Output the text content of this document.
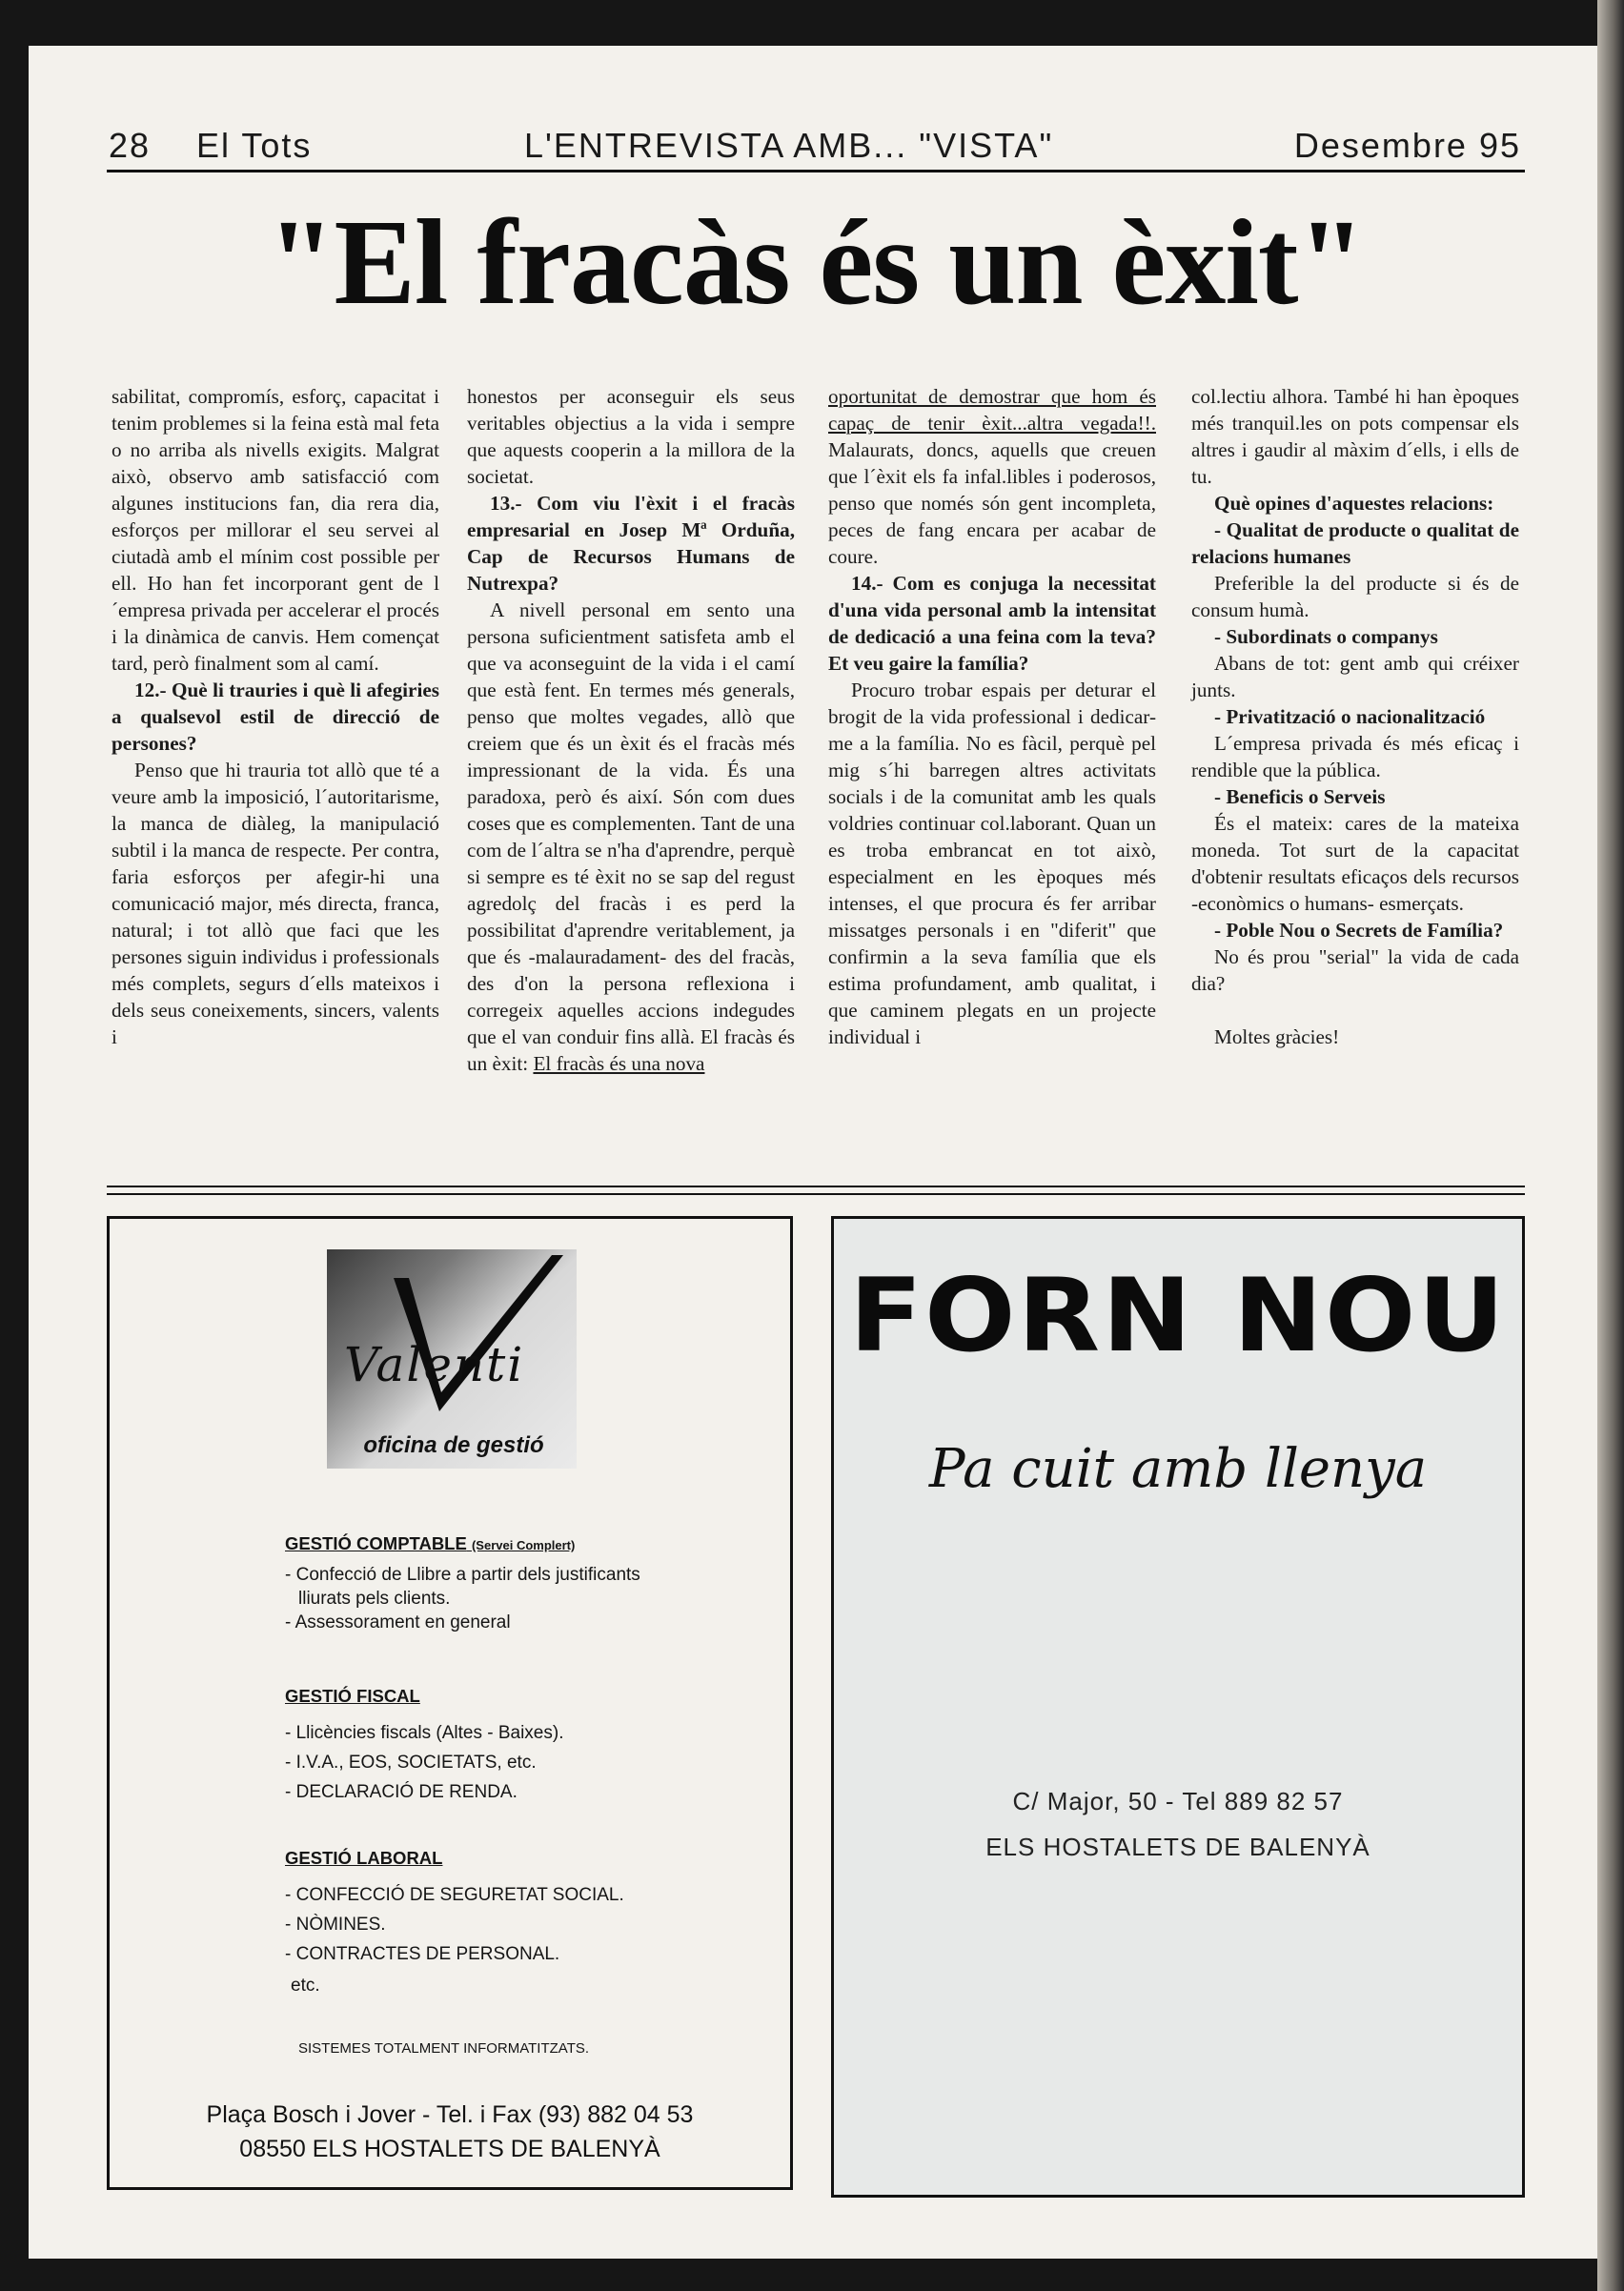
28 El Tots	L'ENTREVISTA AMB... "VISTA"	Desembre 95
"El fracàs és un èxit"

sabilitat, compromís, esforç, capacitat i tenim problemes si la feina està mal feta o no arriba als nivells exigits. Malgrat això, observo amb satisfacció com algunes institucions fan, dia rera dia, esforços per millorar el seu servei al ciutadà amb el mínim cost possible per ell. Ho han fet incorporant gent de l´empresa privada per accelerar el procés i la dinàmica de canvis. Hem començat tard, però finalment som al camí.

12.- Què li trauries i què li afegiries a qualsevol estil de direcció de persones?

Penso que hi trauria tot allò que té a veure amb la imposició, l´autoritarisme, la manca de diàleg, la manipulació subtil i la manca de respecte. Per contra, faria esforços per afegir-hi una comunicació major, més directa, franca, natural; i tot allò que faci que les persones siguin individus i professionals més complets, segurs d´ells mateixos i dels seus coneixements, sincers, valents i

honestos per aconseguir els seus veritables objectius a la vida i sempre que aquests cooperin a la millora de la societat.

13.- Com viu l'èxit i el fracàs empresarial en Josep Mª Orduña, Cap de Recursos Humans de Nutrexpa?

A nivell personal em sento una persona suficientment satisfeta amb el que va aconseguint de la vida i el camí que està fent. En termes més generals, penso que moltes vegades, allò que creiem que és un èxit és el fracàs més impressionant de la vida. És una paradoxa, però és així. Són com dues coses que es complementen. Tant de una com de l´altra se n'ha d'aprendre, perquè si sempre es té èxit no se sap del regust agredolç del fracàs i es perd la possibilitat d'aprendre veritablement, ja que és -malauradament- des del fracàs, des d'on la persona reflexiona i corregeix aquelles accions indegudes que el van conduir fins allà. El fracàs és un èxit: El fracàs és una nova

oportunitat de demostrar que hom és capaç de tenir èxit...altra vegada!!. Malaurats, doncs, aquells que creuen que l´èxit els fa infal.libles i poderosos, penso que només són gent incompleta, peces de fang encara per acabar de coure.

14.- Com es conjuga la necessitat d'una vida personal amb la intensitat de dedicació a una feina com la teva? Et veu gaire la família?

Procuro trobar espais per deturar el brogit de la vida professional i dedicar-me a la família. No es fàcil, perquè pel mig s´hi barregen altres activitats socials i de la comunitat amb les quals voldries continuar col.laborant. Quan un es troba embrancat en tot això, especialment en les èpoques més intenses, el que procura és fer arribar missatges personals i en "diferit" que confirmin a la seva família que els estima profundament, amb qualitat, i que caminem plegats en un projecte individual i

col.lectiu alhora. També hi han èpoques més tranquil.les on pots compensar els altres i gaudir al màxim d´ells, i ells de tu.

Què opines d'aquestes relacions:

- Qualitat de producte o qualitat de relacions humanes

Preferible la del producte si és de consum humà.

- Subordinats o companys

Abans de tot: gent amb qui créixer junts.

- Privatització o nacionalització

L´empresa privada és més eficaç i rendible que la pública.

- Beneficis o Serveis

És el mateix: cares de la mateixa moneda. Tot surt de la capacitat d'obtenir resultats eficaços dels recursos -econòmics o humans- esmerçats.

- Poble Nou o Secrets de Família?

No és prou "serial" la vida de cada dia?

Moltes gràcies!

Valenti
oficina de gestió
GESTIÓ COMPTABLE (Servei Complert)
- Confecció de Llibre a partir dels justificants lliurats pels clients.
- Assessorament en general
GESTIÓ FISCAL
- Llicències fiscals (Altes - Baixes).
- I.V.A., EOS, SOCIETATS, etc.
- DECLARACIÓ DE RENDA.
GESTIÓ LABORAL
- CONFECCIÓ DE SEGURETAT SOCIAL.
- NÒMINES.
- CONTRACTES DE PERSONAL.
etc.
SISTEMES TOTALMENT INFORMATITZATS.
Plaça Bosch i Jover - Tel. i Fax (93) 882 04 53
08550 ELS HOSTALETS DE BALENYÀ
FORN NOU
Pa cuit amb llenya
C/ Major, 50 - Tel 889 82 57
ELS HOSTALETS DE BALENYÀ
